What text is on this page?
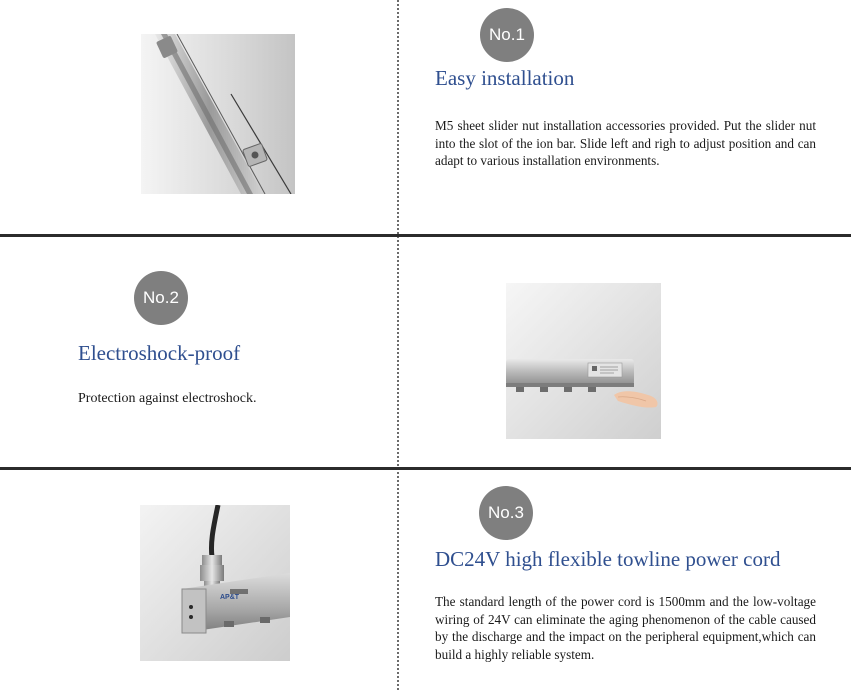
No.1
Easy installation
M5 sheet slider nut installation accessories provided. Put the slider nut into the slot of the ion bar. Slide left and righ to adjust position and can adapt to various installation environments.
No.2
Electroshock-proof
Protection against electroshock.
AP&T
No.3
DC24V high flexible towline power cord
The standard length of the power cord is 1500mm and the low-voltage wiring of 24V can eliminate the aging phenomenon of the cable caused by the discharge and the impact on the peripheral equipment,which can build a highly reliable system.
